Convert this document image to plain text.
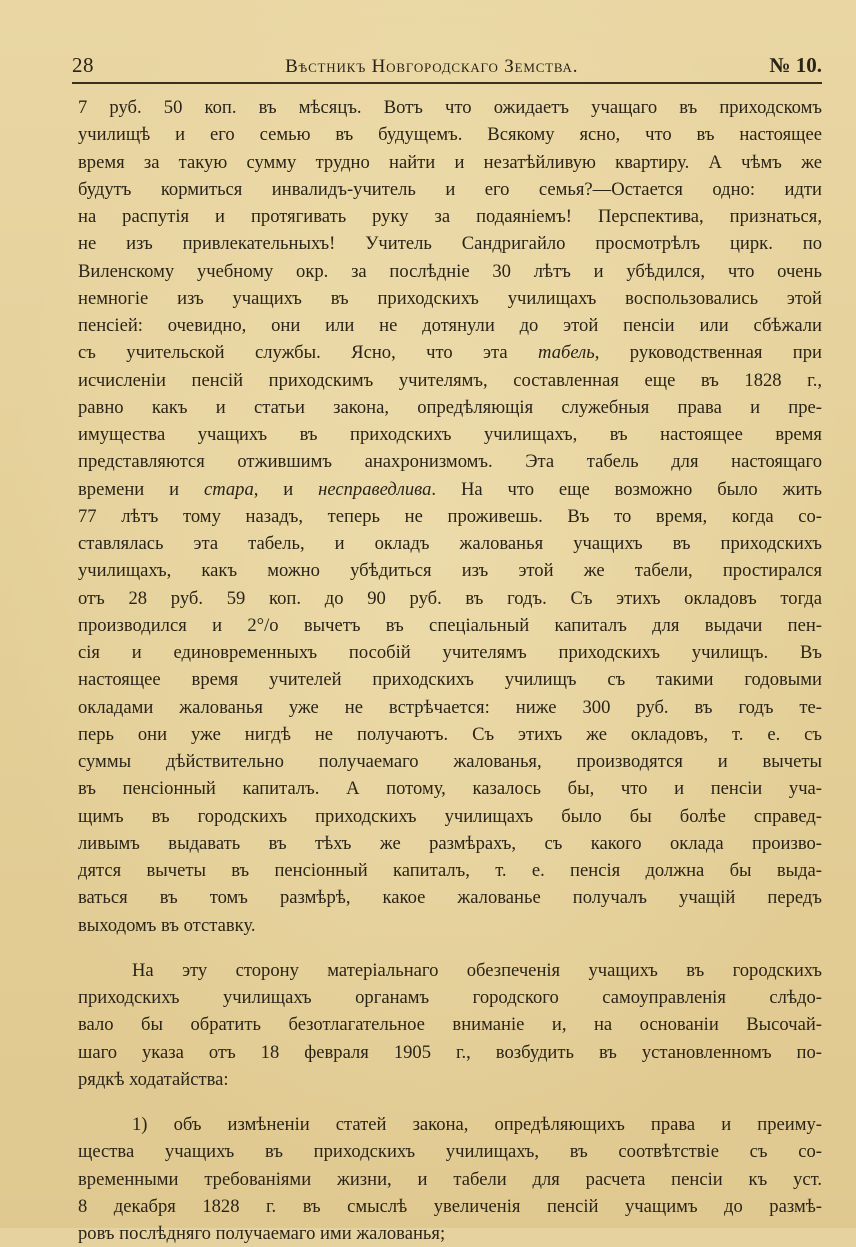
28	Вѣстникъ Новгородскаго Земства.	№ 10.
7 руб. 50 коп. въ мѣсяцъ. Вотъ что ожидаетъ учащаго въ приходскомъ
училищѣ и его семью въ будущемъ. Всякому ясно, что въ настоящее
время за такую сумму трудно найти и незатѣйливую квартиру. А чѣмъ же
будутъ кормиться инвалидъ-учитель и его семья?—Остается одно: идти
на распутія и протягивать руку за подаяніемъ! Перспектива, признаться,
не изъ привлекательныхъ! Учитель Сандригайло просмотрѣлъ цирк. по
Виленскому учебному окр. за послѣдніе 30 лѣтъ и убѣдился, что очень
немногіе изъ учащихъ въ приходскихъ училищахъ воспользовались этой
пенсіей: очевидно, они или не дотянули до этой пенсіи или сбѣжали
съ учительской службы. Ясно, что эта табель, руководственная при
исчисленіи пенсій приходскимъ учителямъ, составленная еще въ 1828 г.,
равно какъ и статьи закона, опредѣляющія служебныя права и пре-
имущества учащихъ въ приходскихъ училищахъ, въ настоящее время
представляются отжившимъ анахронизмомъ. Эта табель для настоящаго
времени и стара, и несправедлива. На что еще возможно было жить
77 лѣтъ тому назадъ, теперь не проживешь. Въ то время, когда со-
ставлялась эта табель, и окладъ жалованья учащихъ въ приходскихъ
училищахъ, какъ можно убѣдиться изъ этой же табели, простирался
отъ 28 руб. 59 коп. до 90 руб. въ годъ. Съ этихъ окладовъ тогда
производился и 2°/о вычетъ въ спеціальный капиталъ для выдачи пен-
сія и единовременныхъ пособій учителямъ приходскихъ училищъ. Въ
настоящее время учителей приходскихъ училищъ съ такими годовыми
окладами жалованья уже не встрѣчается: ниже 300 руб. въ годъ те-
перь они уже нигдѣ не получаютъ. Съ этихъ же окладовъ, т. е. съ
суммы дѣйствительно получаемаго жалованья, производятся и вычеты
въ пенсіонный капиталъ. А потому, казалось бы, что и пенсіи уча-
щимъ въ городскихъ приходскихъ училищахъ было бы болѣе справед-
ливымъ выдавать въ тѣхъ же размѣрахъ, съ какого оклада произво-
дятся вычеты въ пенсіонный капиталъ, т. е. пенсія должна бы выда-
ваться въ томъ размѣрѣ, какое жалованье получалъ учащій передъ
выходомъ въ отставку.
На эту сторону матеріальнаго обезпеченія учащихъ въ городскихъ
приходскихъ училищахъ органамъ городского самоуправленія слѣдо-
вало бы обратить безотлагательное вниманіе и, на основаніи Высочай-
шаго указа отъ 18 февраля 1905 г., возбудить въ установленномъ по-
рядкѣ ходатайства:
1) объ измѣненіи статей закона, опредѣляющихъ права и преиму-
щества учащихъ въ приходскихъ училищахъ, въ соотвѣтствіе съ со-
временными требованіями жизни, и табели для расчета пенсіи къ уст.
8 декабря 1828 г. въ смыслѣ увеличенія пенсій учащимъ до размѣ-
ровъ послѣдняго получаемаго ими жалованья;
